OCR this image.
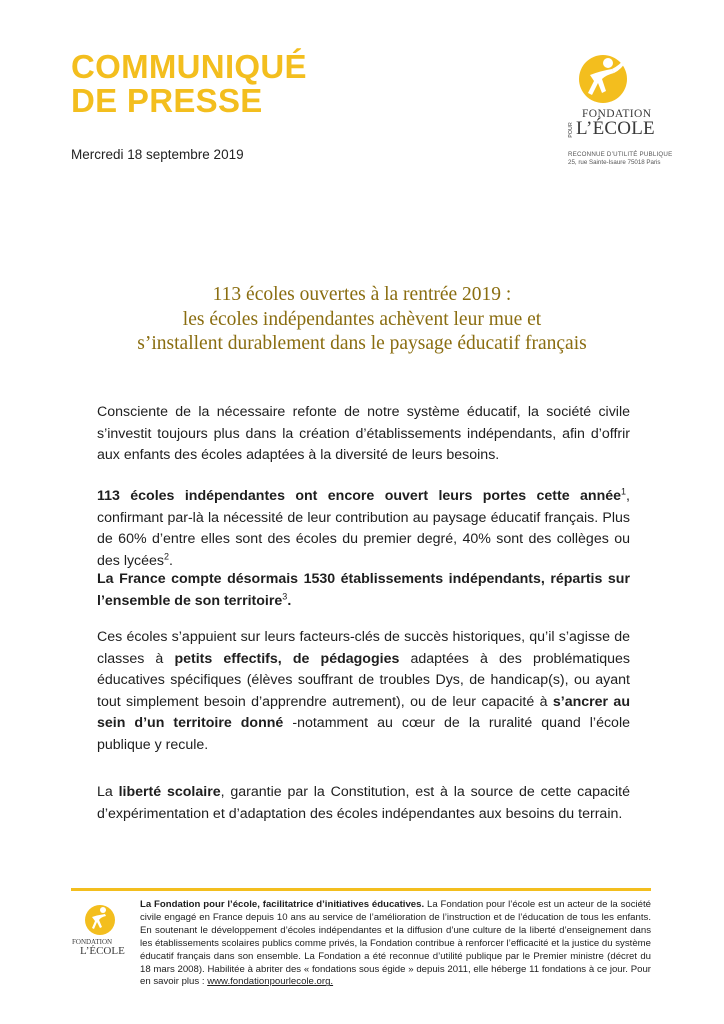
COMMUNIQUÉ
DE PRESSE
Mercredi 18 septembre 2019
FONDATION
POUR L’ÉCOLE
RECONNUE D’UTILITÉ PUBLIQUE
25, rue Sainte-Isaure 75018 Paris
113 écoles ouvertes à la rentrée 2019 :
les écoles indépendantes achèvent leur mue et
s’installent durablement dans le paysage éducatif français
Consciente de la nécessaire refonte de notre système éducatif, la société civile s’investit toujours plus dans la création d’établissements indépendants, afin d’offrir aux enfants des écoles adaptées à la diversité de leurs besoins.
113 écoles indépendantes ont encore ouvert leurs portes cette année$^1$, confirmant par-là la nécessité de leur contribution au paysage éducatif français. Plus de 60% d’entre elles sont des écoles du premier degré, 40% sont des collèges ou des lycées$^2$.
La France compte désormais 1530 établissements indépendants, répartis sur l’ensemble de son territoire$^3$.
Ces écoles s’appuient sur leurs facteurs-clés de succès historiques, qu’il s’agisse de classes à petits effectifs, de pédagogies adaptées à des problématiques éducatives spécifiques (élèves souffrant de troubles Dys, de handicap(s), ou ayant tout simplement besoin d’apprendre autrement), ou de leur capacité à s’ancrer au sein d’un territoire donné -notamment au cœur de la ruralité quand l’école publique y recule.
La liberté scolaire, garantie par la Constitution, est à la source de cette capacité d’expérimentation et d’adaptation des écoles indépendantes aux besoins du terrain.
FONDATION
L’ÉCOLE
La Fondation pour l’école, facilitatrice d’initiatives éducatives. La Fondation pour l’école est un acteur de la société civile engagé en France depuis 10 ans au service de l’amélioration de l’instruction et de l’éducation de tous les enfants. En soutenant le développement d’écoles indépendantes et la diffusion d’une culture de la liberté d’enseignement dans les établissements scolaires publics comme privés, la Fondation contribue à renforcer l’efficacité et la justice du système éducatif français dans son ensemble. La Fondation a été reconnue d’utilité publique par le Premier ministre (décret du 18 mars 2008). Habilitée à abriter des « fondations sous égide » depuis 2011, elle héberge 11 fondations à ce jour. Pour en savoir plus : www.fondationpourlecole.org.
